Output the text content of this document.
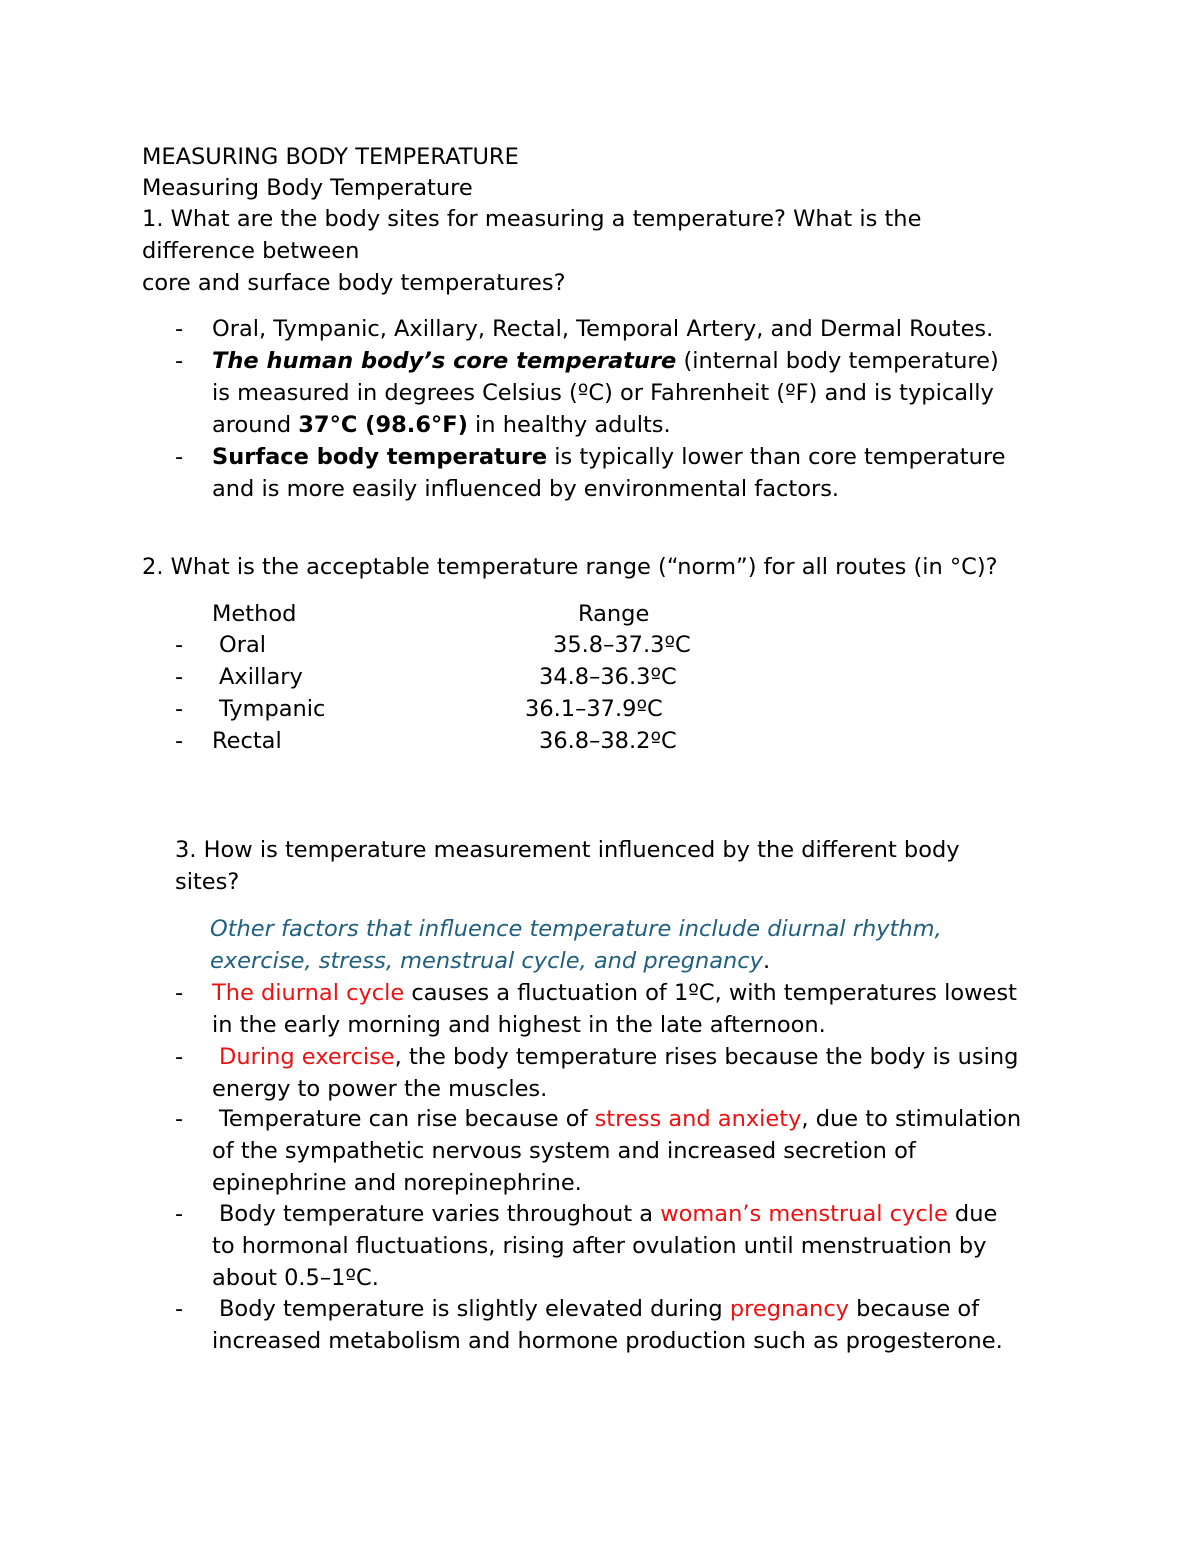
MEASURING BODY TEMPERATURE
Measuring Body Temperature
1. What are the body sites for measuring a temperature? What is the
difference between
core and surface body temperatures?
- Oral, Tympanic, Axillary, Rectal, Temporal Artery, and Dermal Routes.
- The human body’s core temperature (internal body temperature)
is measured in degrees Celsius (ºC) or Fahrenheit (ºF) and is typically
around 37°C (98.6°F) in healthy adults.
- Surface body temperature is typically lower than core temperature
and is more easily influenced by environmental factors.
2. What is the acceptable temperature range (“norm”) for all routes (in °C)?
Method	Range
- Oral	35.8–37.3ºC
- Axillary	34.8–36.3ºC
- Tympanic	36.1–37.9ºC
- Rectal	36.8–38.2ºC
3. How is temperature measurement influenced by the different body
sites?
Other factors that influence temperature include diurnal rhythm,
exercise, stress, menstrual cycle, and pregnancy.
- The diurnal cycle causes a fluctuation of 1ºC, with temperatures lowest
in the early morning and highest in the late afternoon.
- During exercise, the body temperature rises because the body is using
energy to power the muscles.
- Temperature can rise because of stress and anxiety, due to stimulation
of the sympathetic nervous system and increased secretion of
epinephrine and norepinephrine.
- Body temperature varies throughout a woman’s menstrual cycle due
to hormonal fluctuations, rising after ovulation until menstruation by
about 0.5–1ºC.
- Body temperature is slightly elevated during pregnancy because of
increased metabolism and hormone production such as progesterone.
